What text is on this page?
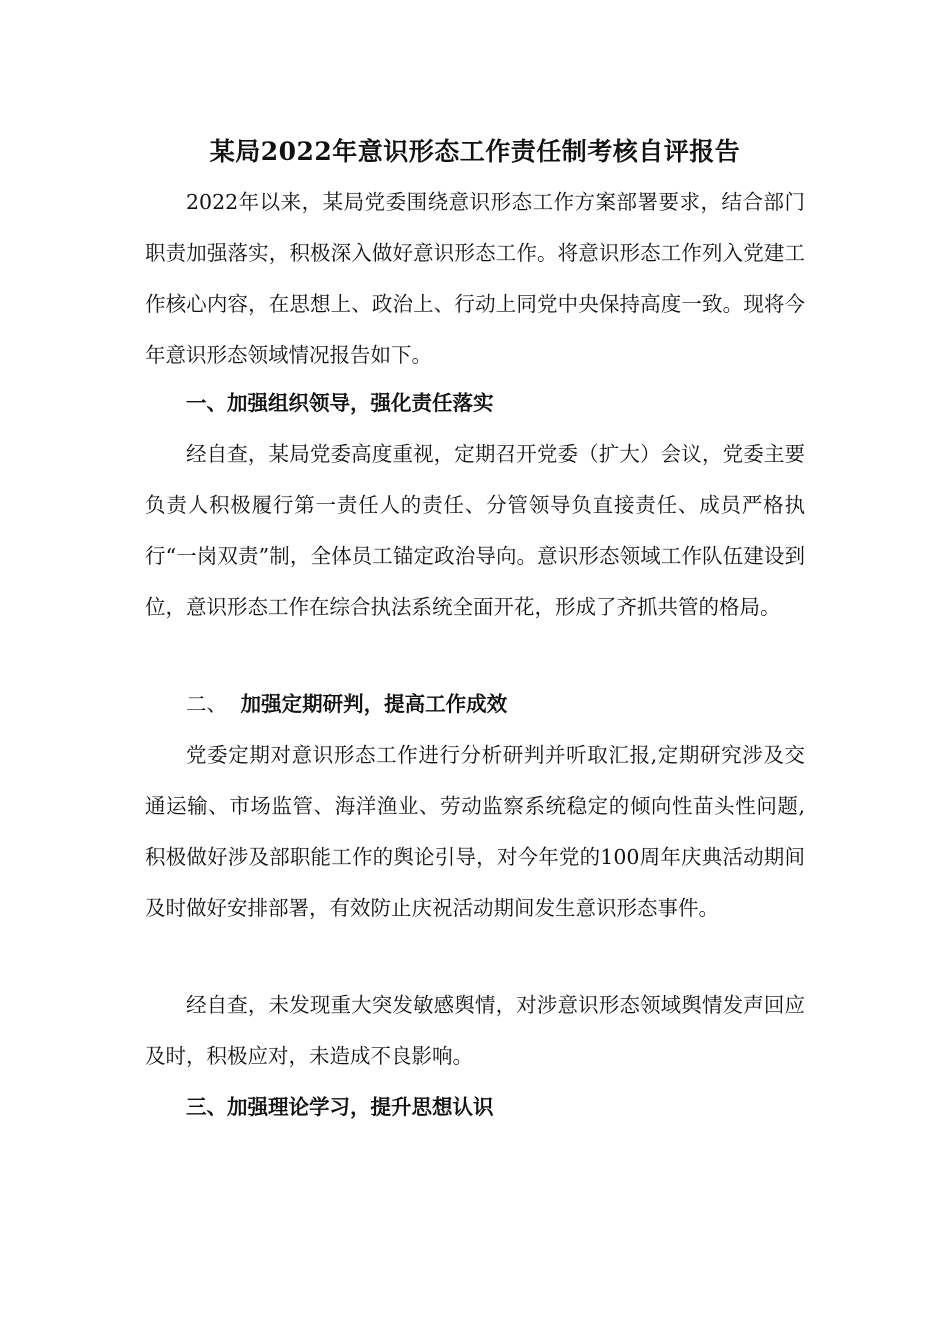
某局2022年意识形态工作责任制考核自评报告

2022年以来，某局党委围绕意识形态工作方案部署要求，结合部门职责加强落实，积极深入做好意识形态工作。将意识形态工作列入党建工作核心内容，在思想上、政治上、行动上同党中央保持高度一致。现将今年意识形态领域情况报告如下。

一、加强组织领导，强化责任落实

经自查，某局党委高度重视，定期召开党委（扩大）会议，党委主要负责人积极履行第一责任人的责任、分管领导负直接责任、成员严格执行“一岗双责”制，全体员工锚定政治导向。意识形态领域工作队伍建设到位，意识形态工作在综合执法系统全面开花，形成了齐抓共管的格局。

二、  加强定期研判，提高工作成效

党委定期对意识形态工作进行分析研判并听取汇报,定期研究涉及交通运输、市场监管、海洋渔业、劳动监察系统稳定的倾向性苗头性问题,积极做好涉及部职能工作的舆论引导，对今年党的100周年庆典活动期间及时做好安排部署，有效防止庆祝活动期间发生意识形态事件。

经自查，未发现重大突发敏感舆情，对涉意识形态领域舆情发声回应及时，积极应对，未造成不良影响。

三、加强理论学习，提升思想认识
